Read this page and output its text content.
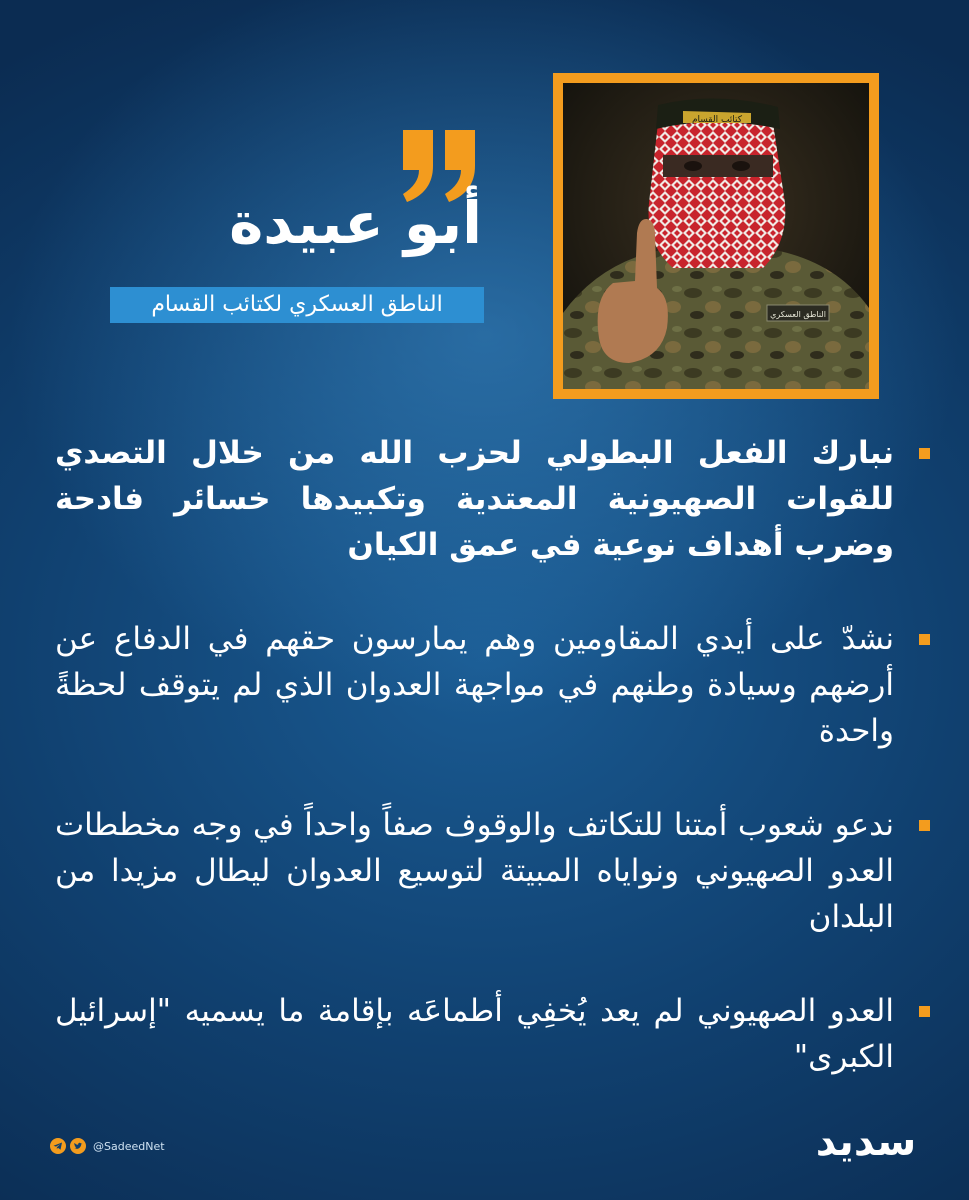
كتائب القسام
الناطق العسكري
أبو عبيدة
الناطق العسكري لكتائب القسام
نبارك الفعل البطولي لحزب الله من خلال التصدي للقوات الصهيونية المعتدية وتكبيدها خسائر فادحة وضرب أهداف نوعية في عمق الكيان
نشدّ على أيدي المقاومين وهم يمارسون حقهم في الدفاع عن أرضهم وسيادة وطنهم في مواجهة العدوان الذي لم يتوقف لحظةً واحدة
ندعو شعوب أمتنا للتكاتف والوقوف صفاً واحداً في وجه مخططات العدو الصهيوني ونواياه المبيتة لتوسيع العدوان ليطال مزيدا من البلدان
العدو الصهيوني لم يعد يُخفِي أطماعَه بإقامة ما يسميه "إسرائيل الكبرى"
@SadeedNet	سديد
